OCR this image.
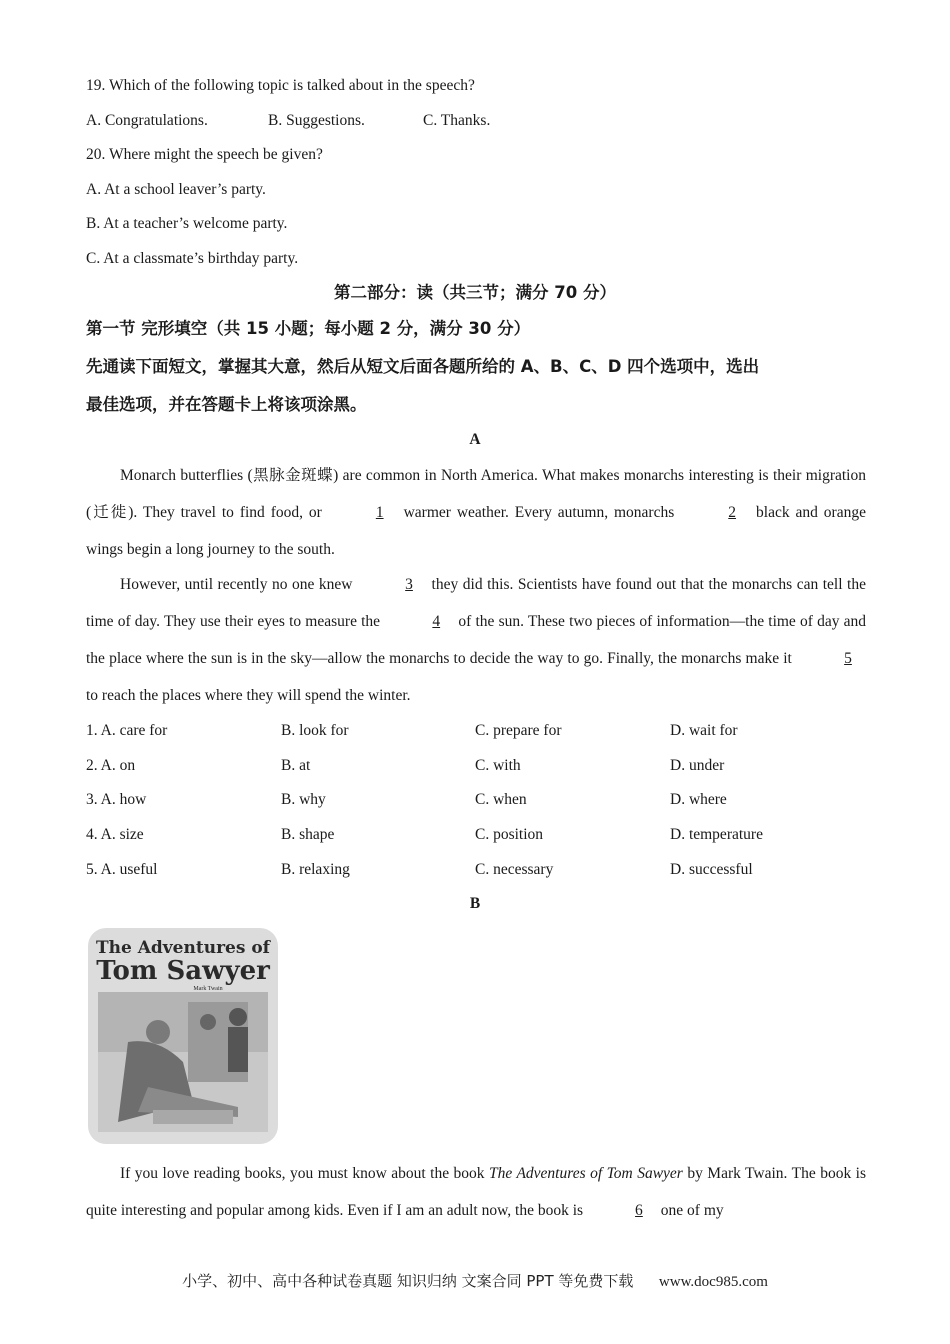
19. Which of the following topic is talked about in the speech?
A. Congratulations.	B. Suggestions.	C. Thanks.
20. Where might the speech be given?
A. At a school leaver’s party.
B. At a teacher’s welcome party.
C. At a classmate’s birthday party.
第二部分：读（共三节；满分 70 分）
第一节 完形填空（共 15 小题；每小题 2 分，满分 30 分）
先通读下面短文，掌握其大意，然后从短文后面各题所给的 A、B、C、D 四个选项中，选出
最佳选项，并在答题卡上将该项涂黑。
A
Monarch butterflies (黑脉金斑蝶) are common in North America. What makes monarchs interesting is their migration (迁徙). They travel to find food, or	1 warmer weather. Every autumn, monarchs	2 black and orange wings begin a long journey to the south.
However, until recently no one knew	3 they did this. Scientists have found out that the monarchs can tell the time of day. They use their eyes to measure the	4 of the sun. These two pieces of information—the time of day and the place where the sun is in the sky—allow the monarchs to decide the way to go. Finally, the monarchs make it	5 to reach the places where they will spend the winter.
1. A. care for	B. look for	C. prepare for	D. wait for
2. A. on	B. at	C. with	D. under
3. A. how	B. why	C. when	D. where
4. A. size	B. shape	C. position	D. temperature
5. A. useful	B. relaxing	C. necessary	D. successful
B
The Adventures of
Tom Sawyer
Mark Twain
If you love reading books, you must know about the book The Adventures of Tom Sawyer by Mark Twain. The book is quite interesting and popular among kids. Even if I am an adult now, the book is	6 one of my
小学、初中、高中各种试卷真题 知识归纳 文案合同 PPT 等免费下载 www.doc985.com
